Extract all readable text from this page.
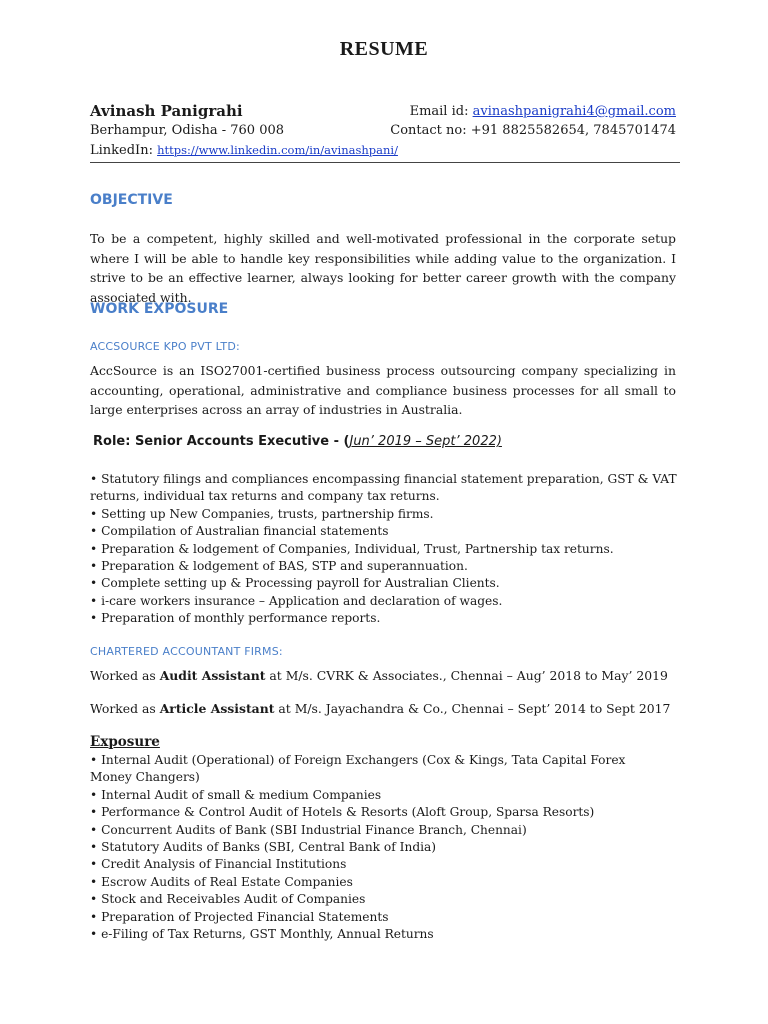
RESUME
Avinash Panigrahi	Email id: avinashpanigrahi4@gmail.com
Berhampur, Odisha - 760 008	Contact no: +91 8825582654, 7845701474
LinkedIn: https://www.linkedin.com/in/avinashpani/
OBJECTIVE
To be a competent, highly skilled and well-motivated professional in the corporate setup where I will be able to handle key responsibilities while adding value to the organization. I strive to be an effective learner, always looking for better career growth with the company associated with.
WORK EXPOSURE
ACCSOURCE KPO PVT LTD:
AccSource is an ISO27001-certified business process outsourcing company specializing in accounting, operational, administrative and compliance business processes for all small to large enterprises across an array of industries in Australia.
Role: Senior Accounts Executive - (Jun’ 2019 – Sept’ 2022)
• Statutory filings and compliances encompassing financial statement preparation, GST & VAT returns, individual tax returns and company tax returns.
• Setting up New Companies, trusts, partnership firms.
• Compilation of Australian financial statements
• Preparation & lodgement of Companies, Individual, Trust, Partnership tax returns.
• Preparation & lodgement of BAS, STP and superannuation.
• Complete setting up & Processing payroll for Australian Clients.
• i-care workers insurance – Application and declaration of wages.
• Preparation of monthly performance reports.
CHARTERED ACCOUNTANT FIRMS:
Worked as Audit Assistant at M/s. CVRK & Associates., Chennai – Aug’ 2018 to May’ 2019
Worked as Article Assistant at M/s. Jayachandra & Co., Chennai – Sept’ 2014 to Sept 2017
Exposure
• Internal Audit (Operational) of Foreign Exchangers (Cox & Kings, Tata Capital Forex Money Changers)
• Internal Audit of small & medium Companies
• Performance & Control Audit of Hotels & Resorts (Aloft Group, Sparsa Resorts)
• Concurrent Audits of Bank (SBI Industrial Finance Branch, Chennai)
• Statutory Audits of Banks (SBI, Central Bank of India)
• Credit Analysis of Financial Institutions
• Escrow Audits of Real Estate Companies
• Stock and Receivables Audit of Companies
• Preparation of Projected Financial Statements
• e-Filing of Tax Returns, GST Monthly, Annual Returns
